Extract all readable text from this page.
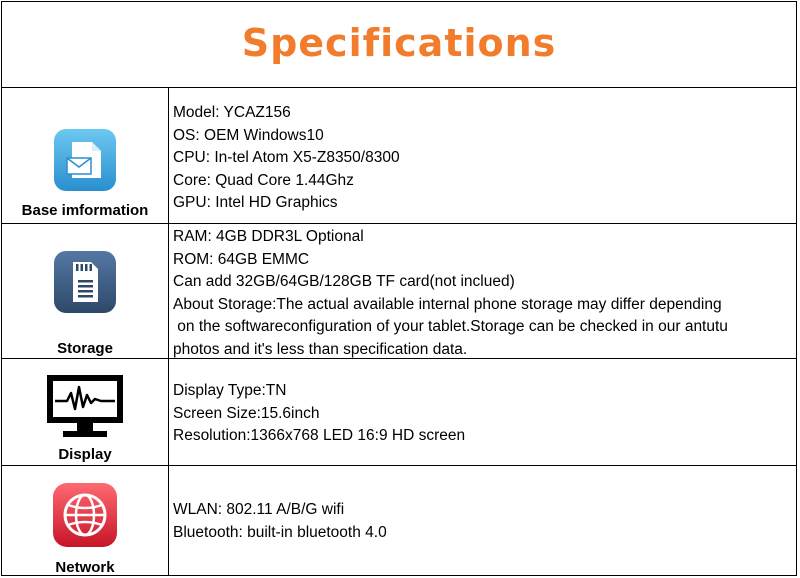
Specifications
Base imformation
Model: YCAZ156
OS: OEM Windows10
CPU: In-tel Atom X5-Z8350/8300
Core: Quad Core 1.44Ghz
GPU: Intel HD Graphics
Storage
RAM: 4GB DDR3L Optional
ROM: 64GB EMMC
Can add 32GB/64GB/128GB TF card(not inclued)
About Storage:The actual available internal phone storage may differ depending
on the softwareconfiguration of your tablet.Storage can be checked in our antutu
photos and it's less than specification data.
Display
Display Type:TN
Screen Size:15.6inch
Resolution:1366x768 LED 16:9 HD screen
Network
WLAN: 802.11 A/B/G wifi
Bluetooth: built-in bluetooth 4.0
